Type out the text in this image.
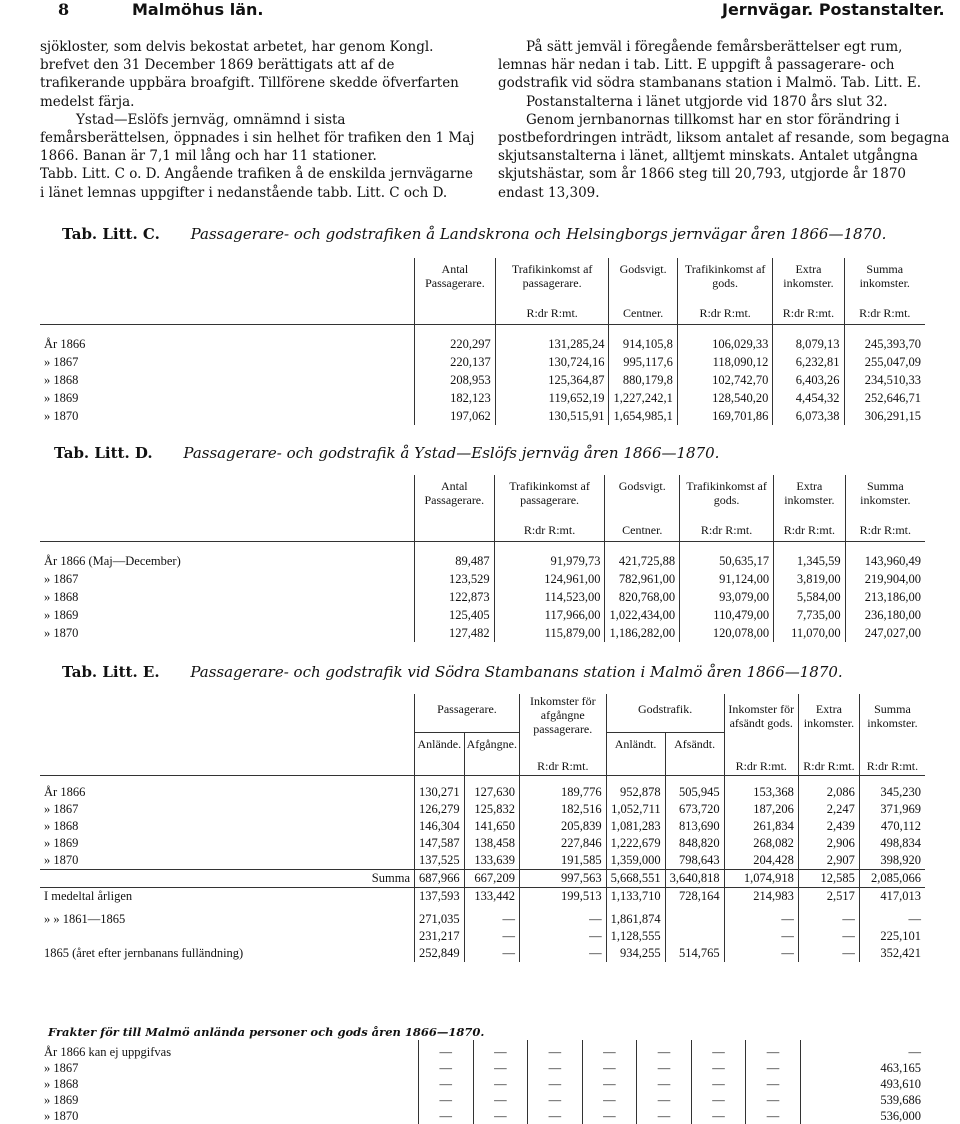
8	Malmöhus län.	Jernvägar. Postanstalter.

sjökloster, som delvis bekostat arbetet, har genom Kongl. brefvet den 31 December 1869 berättigats att af de trafikerande uppbära broafgift. Tillförene skedde öfverfarten medelst färja.

Ystad—Eslöfs jernväg, omnämnd i sista femårsberättelsen, öppnades i sin helhet för trafiken den 1 Maj 1866. Banan är 7,1 mil lång och har 11 stationer.

Tabb. Litt. C o. D. Angående trafiken å de enskilda jernvägarne i länet lemnas uppgifter i nedanstående tabb. Litt. C och D.

På sätt jemväl i föregående femårsberättelser egt rum, lemnas här nedan i tab. Litt. E uppgift å passagerare- och godstrafik vid södra stambanans station i Malmö. Tab. Litt. E.

Postanstalterna i länet utgjorde vid 1870 års slut 32.

Genom jernbanornas tillkomst har en stor förändring i postbefordringen inträdt, liksom antalet af resande, som begagna skjutsanstalterna i länet, alltjemt minskats. Antalet utgångna skjutshästar, som år 1866 steg till 20,793, utgjorde år 1870 endast 13,309.

Tab. Litt. C. Passagerare- och godstrafiken å Landskrona och Helsingborgs jernvägar åren 1866—1870.
	Antal Passagerare.	Trafikinkomst af passagerare.	Godsvigt.	Trafikinkomst af gods.	Extra inkomster.	Summa inkomster.
		R:dr R:mt.	Centner.	R:dr R:mt.	R:dr R:mt.	R:dr R:mt.

År 1866	220,297	131,285,24	914,105,8	106,029,33	8,079,13	245,393,70
» 1867	220,137	130,724,16	995,117,6	118,090,12	6,232,81	255,047,09
» 1868	208,953	125,364,87	880,179,8	102,742,70	6,403,26	234,510,33
» 1869	182,123	119,652,19	1,227,242,1	128,540,20	4,454,32	252,646,71
» 1870	197,062	130,515,91	1,654,985,1	169,701,86	6,073,38	306,291,15
Tab. Litt. D. Passagerare- och godstrafik å Ystad—Eslöfs jernväg åren 1866—1870.
	Antal Passagerare.	Trafikinkomst af passagerare.	Godsvigt.	Trafikinkomst af gods.	Extra inkomster.	Summa inkomster.
		R:dr R:mt.	Centner.	R:dr R:mt.	R:dr R:mt.	R:dr R:mt.

År 1866 (Maj—December)	89,487	91,979,73	421,725,88	50,635,17	1,345,59	143,960,49
» 1867	123,529	124,961,00	782,961,00	91,124,00	3,819,00	219,904,00
» 1868	122,873	114,523,00	820,768,00	93,079,00	5,584,00	213,186,00
» 1869	125,405	117,966,00	1,022,434,00	110,479,00	7,735,00	236,180,00
» 1870	127,482	115,879,00	1,186,282,00	120,078,00	11,070,00	247,027,00
Tab. Litt. E. Passagerare- och godstrafik vid Södra Stambanans station i Malmö åren 1866—1870.
	Passagerare.		Inkomster för afgångne passagerare.	Godstrafik.		Inkomster för afsändt gods.	Extra inkomster.	Summa inkomster.
	Anlände.	Afgångne.		Anländt.	Afsändt.			
			R:dr R:mt.			R:dr R:mt.	R:dr R:mt.	R:dr R:mt.

År 1866	130,271	127,630	189,776	952,878	505,945	153,368	2,086	345,230
» 1867	126,279	125,832	182,516	1,052,711	673,720	187,206	2,247	371,969
» 1868	146,304	141,650	205,839	1,081,283	813,690	261,834	2,439	470,112
» 1869	147,587	138,458	227,846	1,222,679	848,820	268,082	2,906	498,834
» 1870	137,525	133,639	191,585	1,359,000	798,643	204,428	2,907	398,920
Summa	687,966	667,209	997,563	5,668,551	3,640,818	1,074,918	12,585	2,085,066
I medeltal årligen	137,593	133,442	199,513	1,133,710	728,164	214,983	2,517	417,013

» » 1861—1865	271,035	—	—	1,861,874		—	—	—
	231,217	—	—	1,128,555		—	—	225,101
1865 (året efter jernbanans fulländning)	252,849	—	—	934,255	514,765	—	—	352,421
Frakter för till Malmö anlända personer och gods åren 1866—1870.

År 1866 kan ej uppgifvas	—	—	—	—	—	—	—	—
» 1867	—	—	—	—	—	—	—	463,165
» 1868	—	—	—	—	—	—	—	493,610
» 1869	—	—	—	—	—	—	—	539,686
» 1870	—	—	—	—	—	—	—	536,000
